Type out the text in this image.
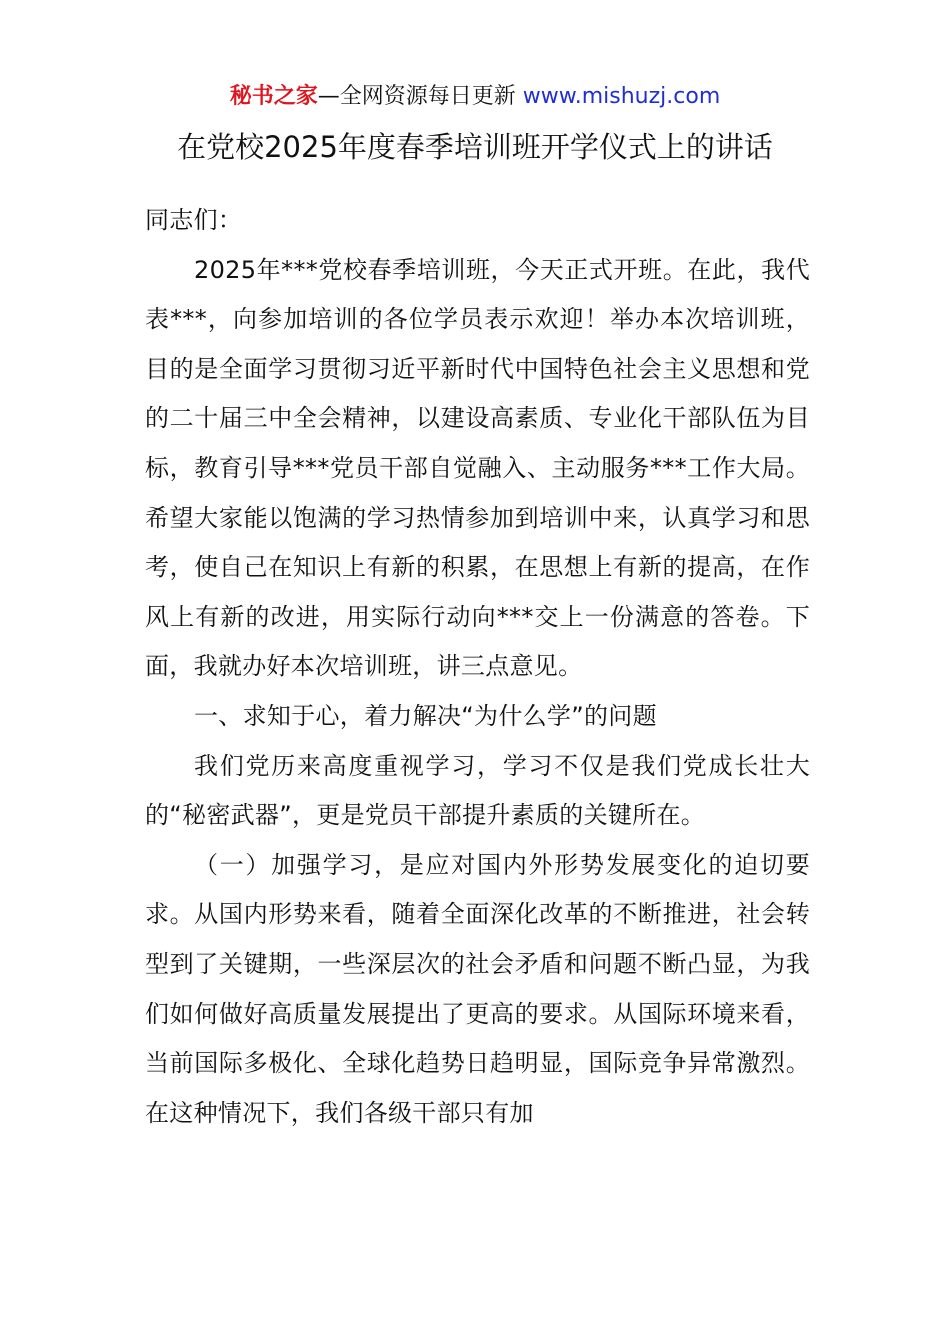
秘书之家—全网资源每日更新 www.mishuzj.com
在党校2025年度春季培训班开学仪式上的讲话

同志们：

2025年***党校春季培训班，今天正式开班。在此，我代表***，向参加培训的各位学员表示欢迎！举办本次培训班，目的是全面学习贯彻习近平新时代中国特色社会主义思想和党的二十届三中全会精神，以建设高素质、专业化干部队伍为目标，教育引导***党员干部自觉融入、主动服务***工作大局。希望大家能以饱满的学习热情参加到培训中来，认真学习和思考，使自己在知识上有新的积累，在思想上有新的提高，在作风上有新的改进，用实际行动向***交上一份满意的答卷。下面，我就办好本次培训班，讲三点意见。

一、求知于心，着力解决“为什么学”的问题

我们党历来高度重视学习，学习不仅是我们党成长壮大的“秘密武器”，更是党员干部提升素质的关键所在。

（一）加强学习，是应对国内外形势发展变化的迫切要求。从国内形势来看，随着全面深化改革的不断推进，社会转型到了关键期，一些深层次的社会矛盾和问题不断凸显，为我们如何做好高质量发展提出了更高的要求。从国际环境来看，当前国际多极化、全球化趋势日趋明显，国际竞争异常激烈。在这种情况下，我们各级干部只有加
